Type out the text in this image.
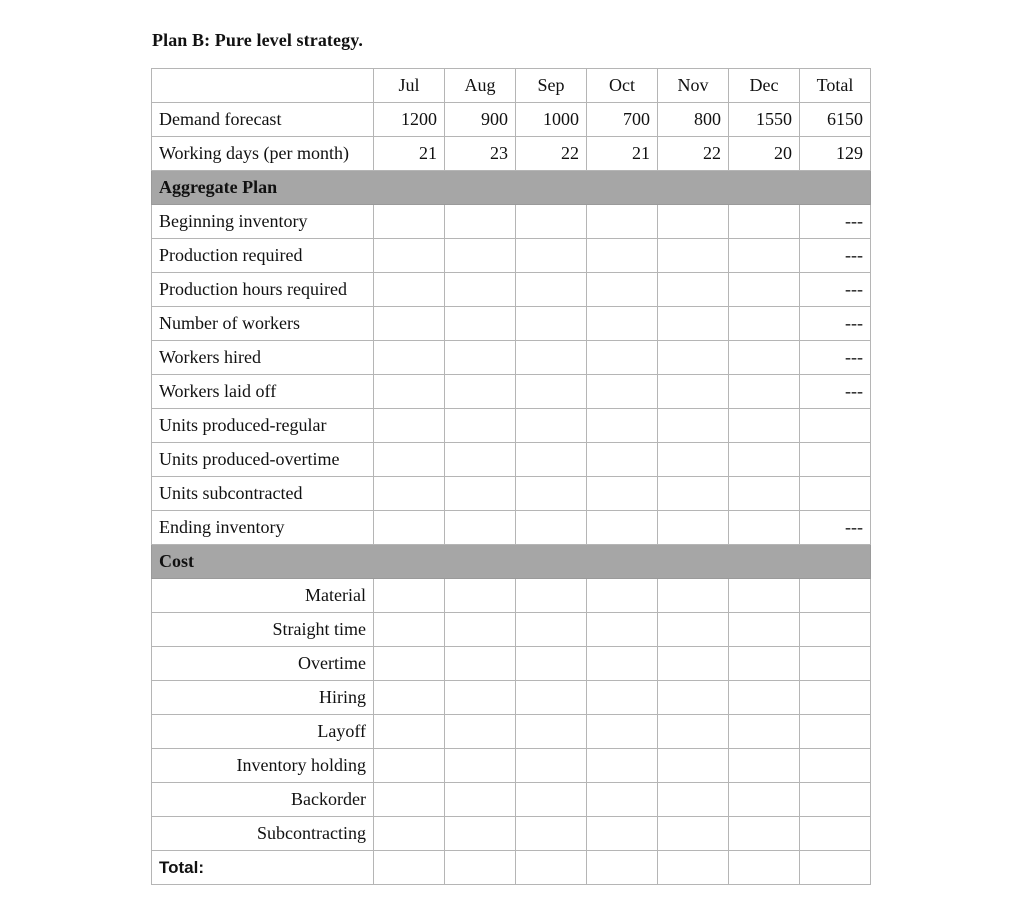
Plan B: Pure level strategy.
	Jul	Aug	Sep	Oct	Nov	Dec	Total
Demand forecast	1200	900	1000	700	800	1550	6150
Working days (per month)	21	23	22	21	22	20	129
Aggregate Plan							
Beginning inventory							---
Production required							---
Production hours required							---
Number of workers							---
Workers hired							---
Workers laid off							---
Units produced-regular							
Units produced-overtime							
Units subcontracted							
Ending inventory							---
Cost							
Material							
Straight time							
Overtime							
Hiring							
Layoff							
Inventory holding							
Backorder							
Subcontracting							
Total:							
